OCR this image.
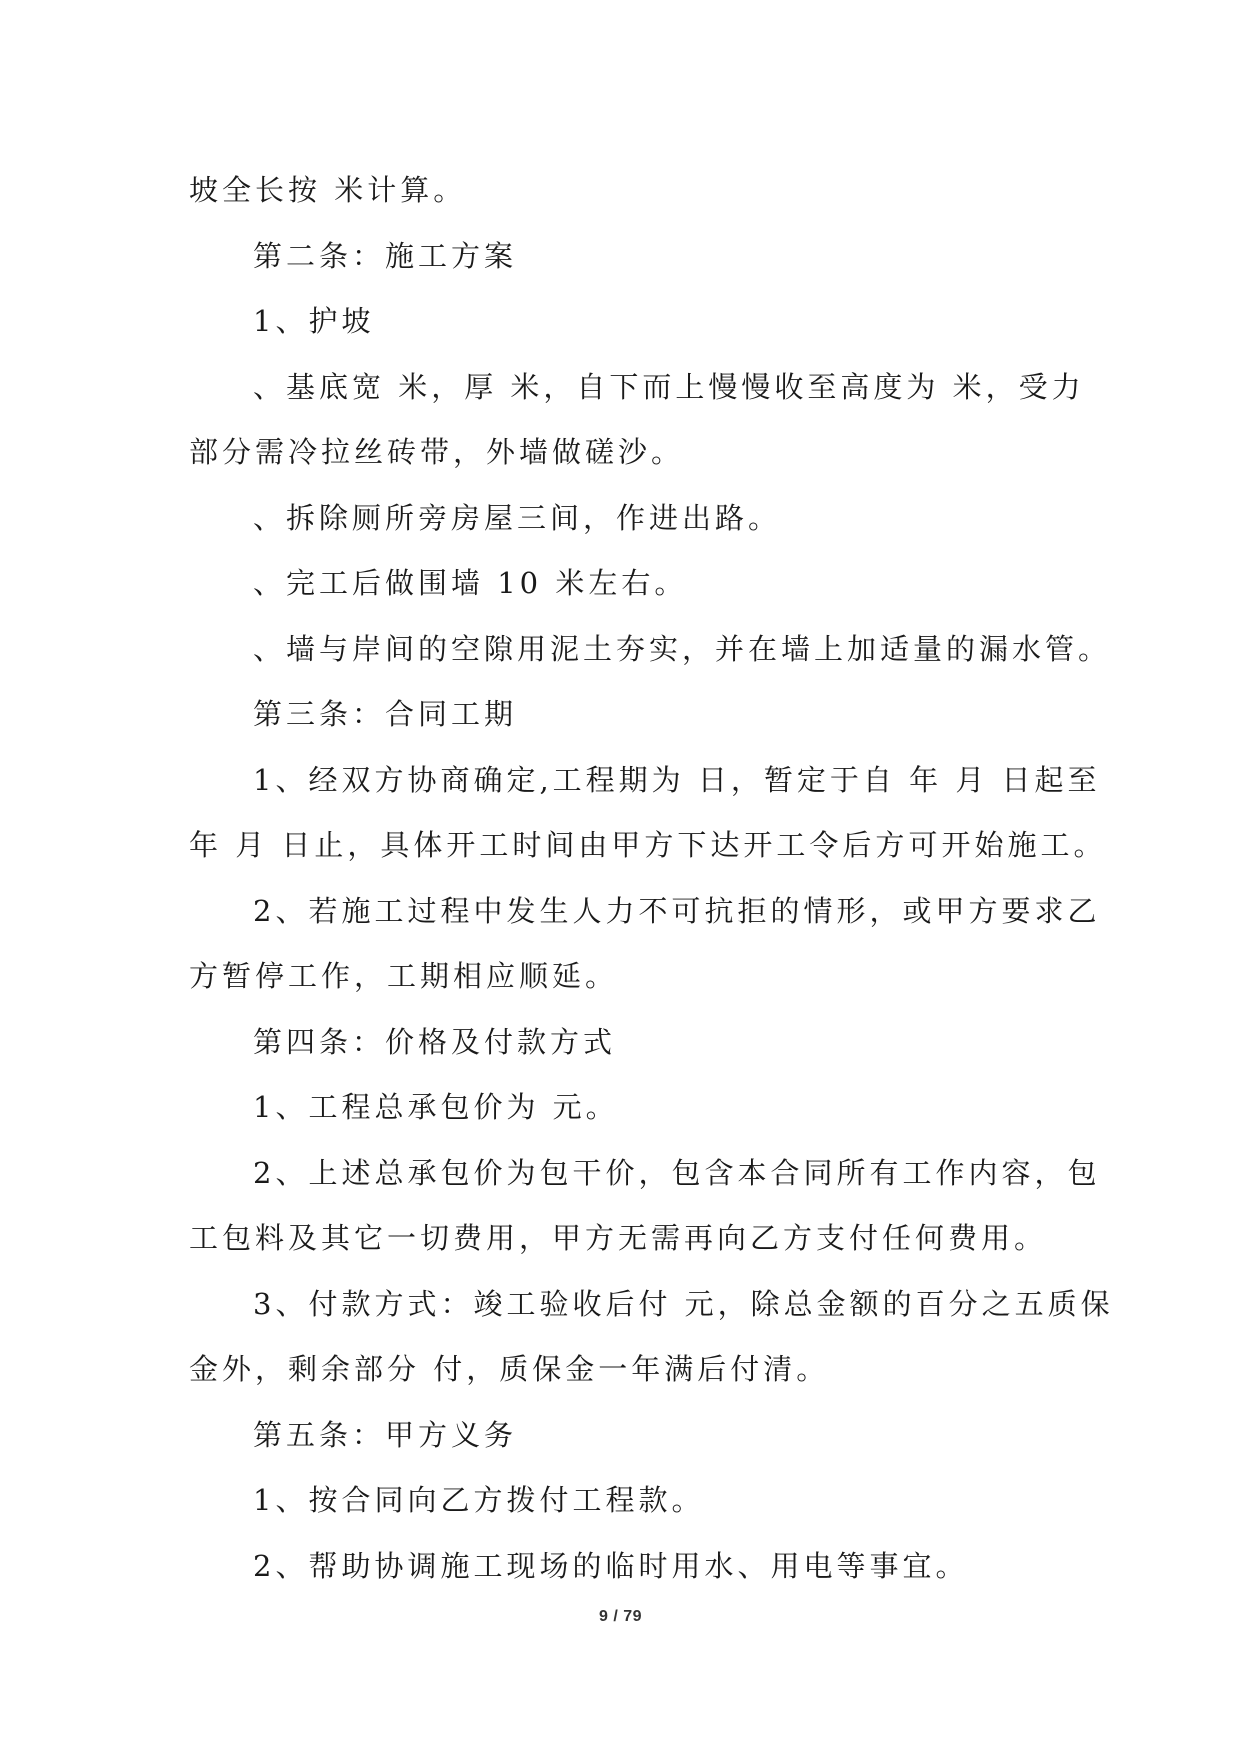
坡全长按 米计算。

第二条：施工方案

1、护坡

、基底宽 米，厚 米，自下而上慢慢收至高度为 米，受力

部分需冷拉丝砖带，外墙做磋沙。

、拆除厕所旁房屋三间，作进出路。

、完工后做围墙 10 米左右。

、墙与岸间的空隙用泥土夯实，并在墙上加适量的漏水管。

第三条：合同工期

1、经双方协商确定,工程期为 日，暂定于自 年 月 日起至

年 月 日止，具体开工时间由甲方下达开工令后方可开始施工。

2、若施工过程中发生人力不可抗拒的情形，或甲方要求乙

方暂停工作，工期相应顺延。

第四条：价格及付款方式

1、工程总承包价为 元。

2、上述总承包价为包干价，包含本合同所有工作内容，包

工包料及其它一切费用，甲方无需再向乙方支付任何费用。

3、付款方式：竣工验收后付 元，除总金额的百分之五质保

金外，剩余部分 付，质保金一年满后付清。

第五条：甲方义务

1、按合同向乙方拨付工程款。

2、帮助协调施工现场的临时用水、用电等事宜。

9 / 79
